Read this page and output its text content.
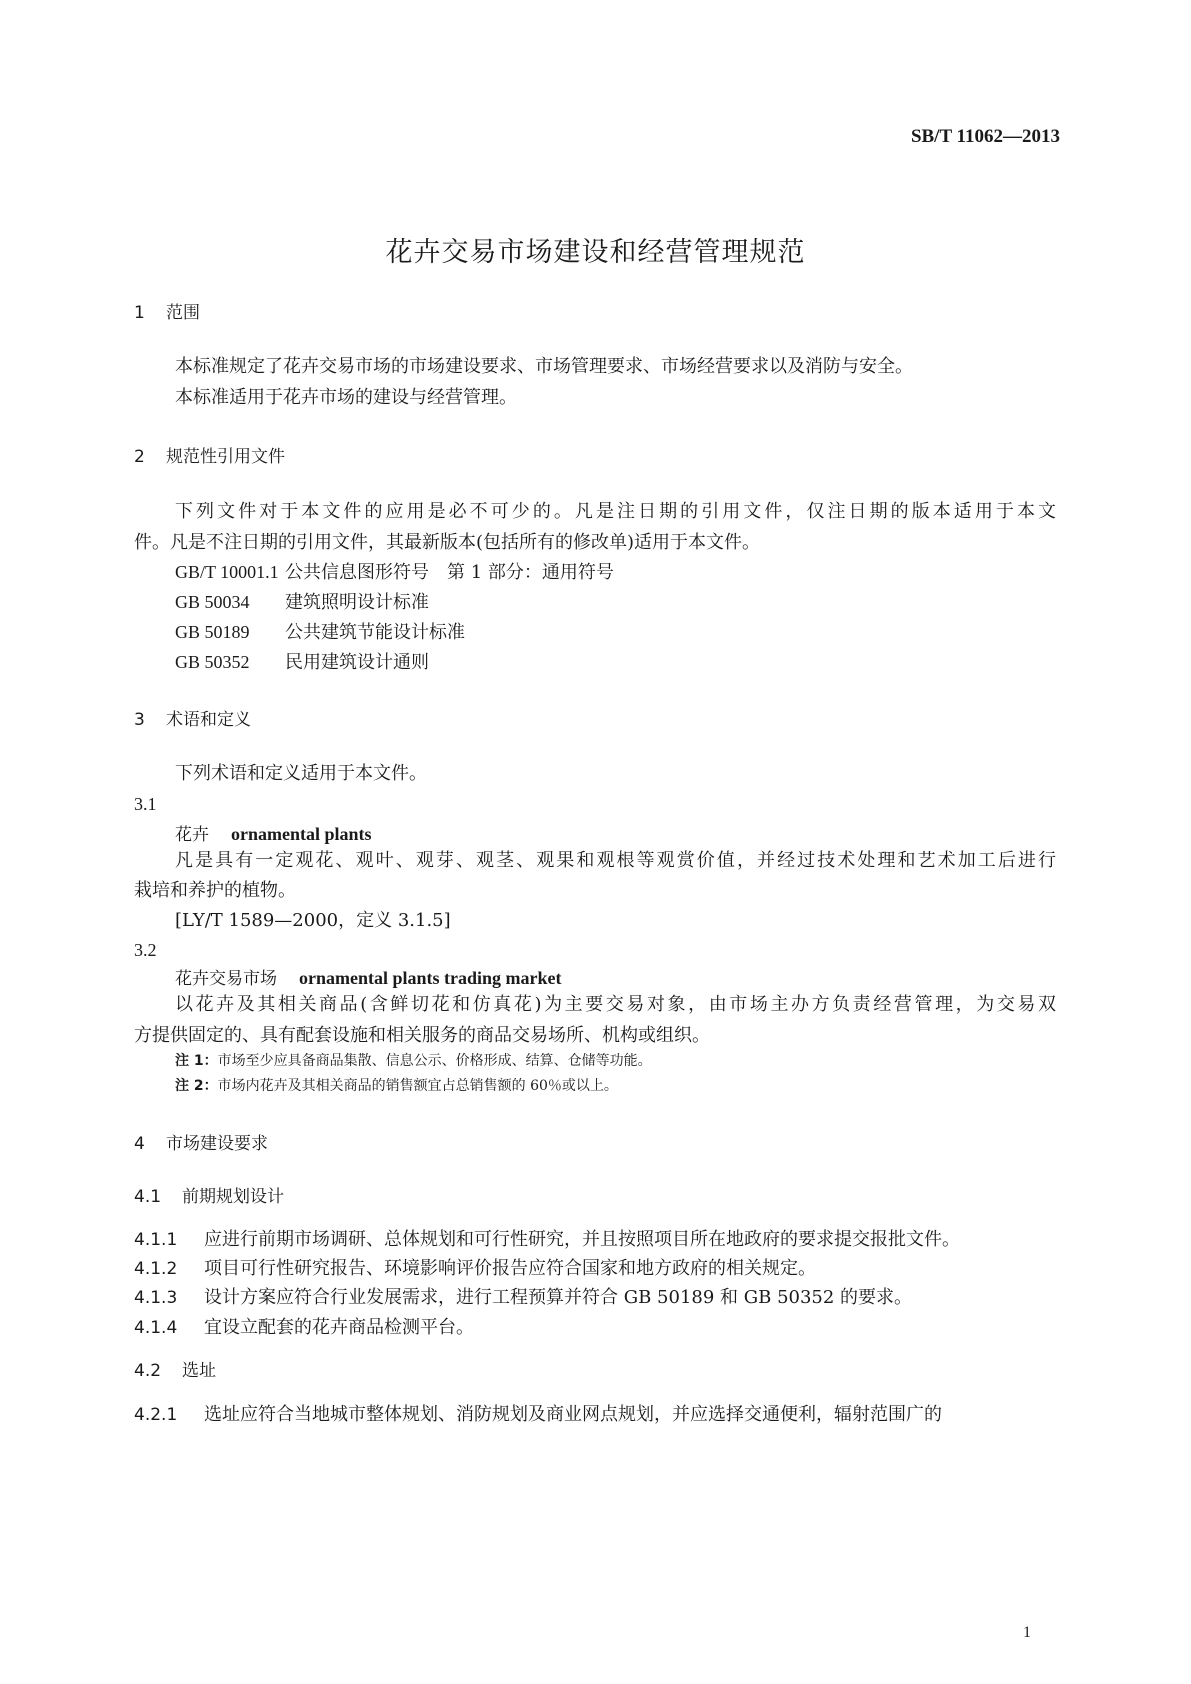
SB/T 11062—2013
花卉交易市场建设和经营管理规范
1 范围
本标准规定了花卉交易市场的市场建设要求、市场管理要求、市场经营要求以及消防与安全。
本标准适用于花卉市场的建设与经营管理。
2 规范性引用文件
下列文件对于本文件的应用是必不可少的。凡是注日期的引用文件，仅注日期的版本适用于本文
件。凡是不注日期的引用文件，其最新版本(包括所有的修改单)适用于本文件。
GB/T 10001.1 公共信息图形符号　第 1 部分：通用符号
GB 50034 建筑照明设计标准
GB 50189 公共建筑节能设计标准
GB 50352 民用建筑设计通则
3 术语和定义
下列术语和定义适用于本文件。
3.1
花卉 ornamental plants
凡是具有一定观花、观叶、观芽、观茎、观果和观根等观赏价值，并经过技术处理和艺术加工后进行
栽培和养护的植物。
[LY/T 1589—2000，定义 3.1.5]
3.2
花卉交易市场 ornamental plants trading market
以花卉及其相关商品(含鲜切花和仿真花)为主要交易对象，由市场主办方负责经营管理，为交易双
方提供固定的、具有配套设施和相关服务的商品交易场所、机构或组织。
注 1：市场至少应具备商品集散、信息公示、价格形成、结算、仓储等功能。
注 2：市场内花卉及其相关商品的销售额宜占总销售额的 60％或以上。
4 市场建设要求
4.1 前期规划设计
4.1.1 应进行前期市场调研、总体规划和可行性研究，并且按照项目所在地政府的要求提交报批文件。
4.1.2 项目可行性研究报告、环境影响评价报告应符合国家和地方政府的相关规定。
4.1.3 设计方案应符合行业发展需求，进行工程预算并符合 GB 50189 和 GB 50352 的要求。
4.1.4 宜设立配套的花卉商品检测平台。
4.2 选址
4.2.1 选址应符合当地城市整体规划、消防规划及商业网点规划，并应选择交通便利，辐射范围广的
1
